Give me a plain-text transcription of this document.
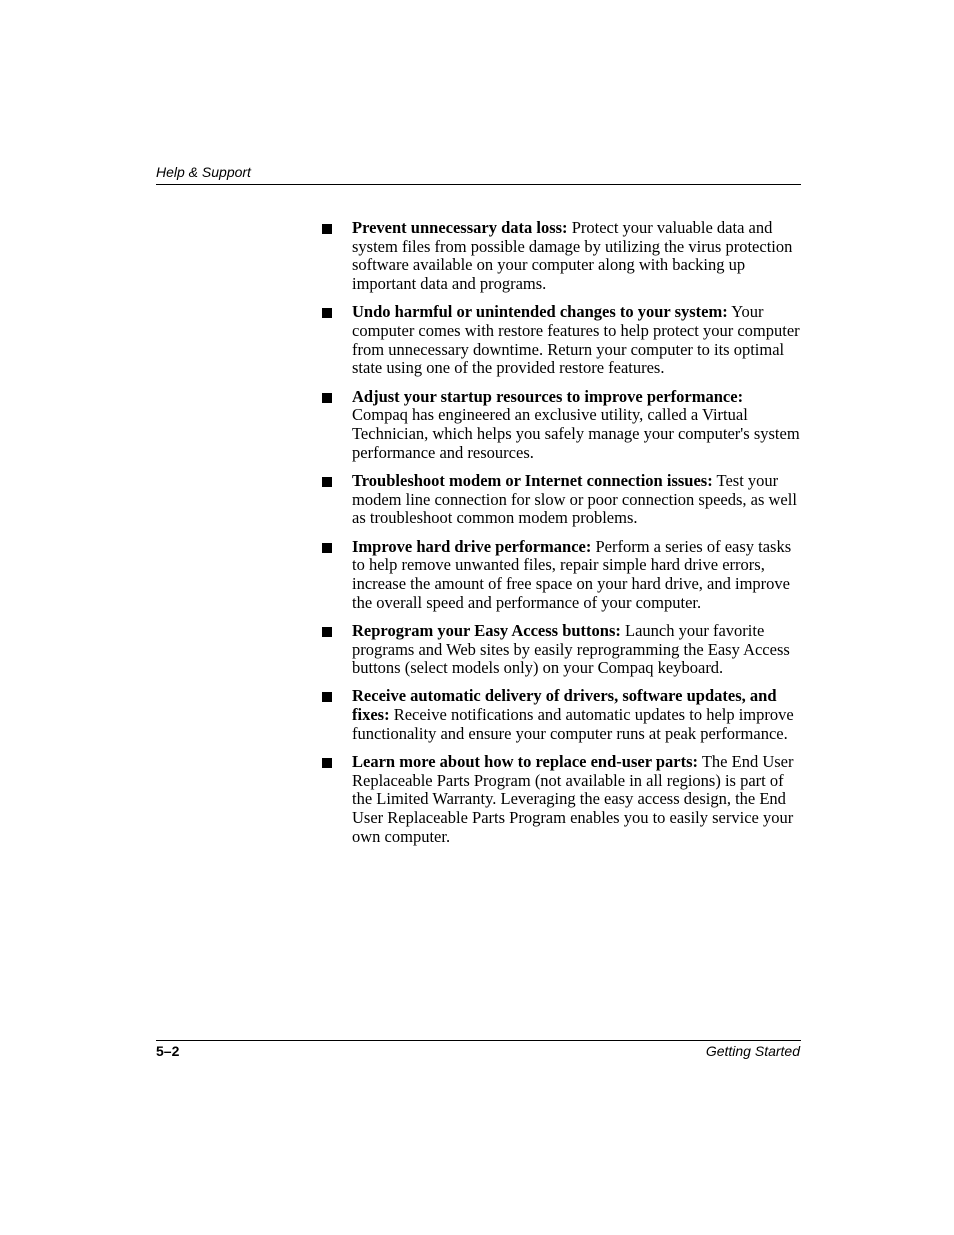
Help & Support
Prevent unnecessary data loss: Protect your valuable data and system files from possible damage by utilizing the virus protection software available on your computer along with backing up important data and programs.
Undo harmful or unintended changes to your system: Your computer comes with restore features to help protect your computer from unnecessary downtime. Return your computer to its optimal state using one of the provided restore features.
Adjust your startup resources to improve performance: Compaq has engineered an exclusive utility, called a Virtual Technician, which helps you safely manage your computer's system performance and resources.
Troubleshoot modem or Internet connection issues: Test your modem line connection for slow or poor connection speeds, as well as troubleshoot common modem problems.
Improve hard drive performance: Perform a series of easy tasks to help remove unwanted files, repair simple hard drive errors, increase the amount of free space on your hard drive, and improve the overall speed and performance of your computer.
Reprogram your Easy Access buttons: Launch your favorite programs and Web sites by easily reprogramming the Easy Access buttons (select models only) on your Compaq keyboard.
Receive automatic delivery of drivers, software updates, and fixes: Receive notifications and automatic updates to help improve functionality and ensure your computer runs at peak performance.
Learn more about how to replace end-user parts: The End User Replaceable Parts Program (not available in all regions) is part of the Limited Warranty. Leveraging the easy access design, the End User Replaceable Parts Program enables you to easily service your own computer.
5–2	Getting Started
